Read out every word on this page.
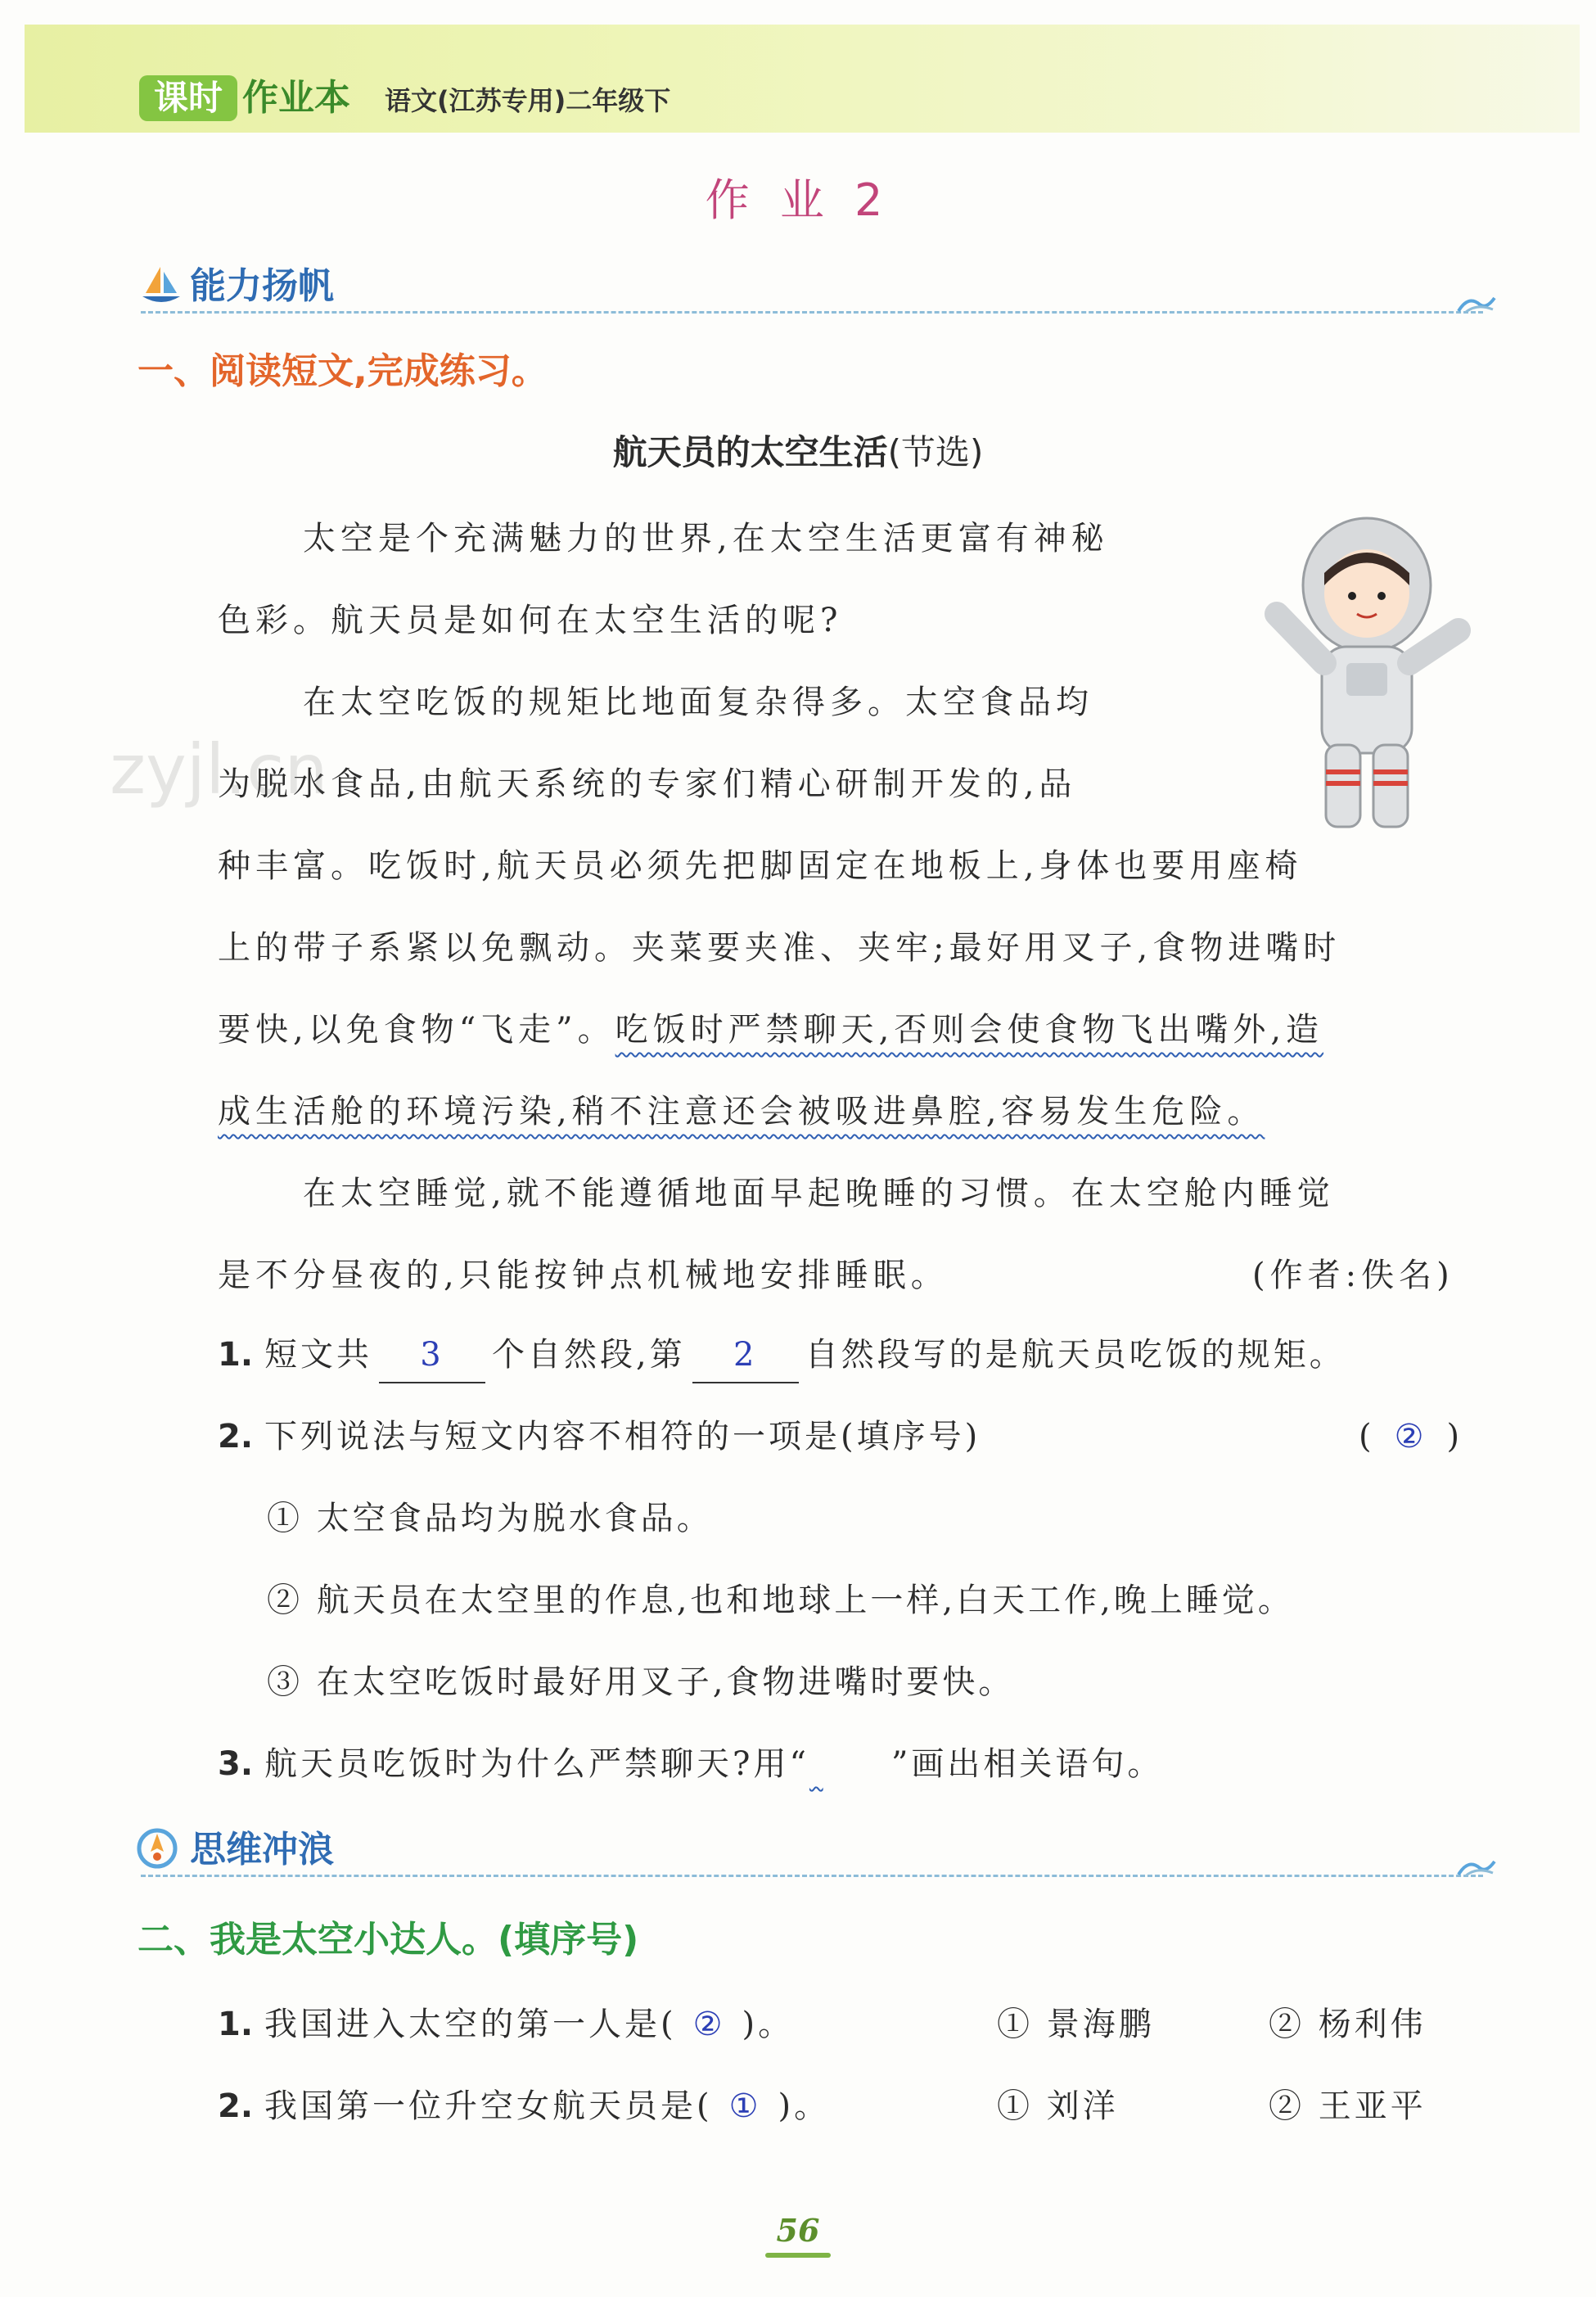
课时 作业本 语文(江苏专用)二年级下
作 业 2
能力扬帆
一、阅读短文,完成练习。
航天员的太空生活(节选)
太空是个充满魅力的世界,在太空生活更富有神秘
色彩。航天员是如何在太空生活的呢?
在太空吃饭的规矩比地面复杂得多。太空食品均
为脱水食品,由航天系统的专家们精心研制开发的,品
种丰富。吃饭时,航天员必须先把脚固定在地板上,身体也要用座椅
上的带子系紧以免飘动。夹菜要夹准、夹牢;最好用叉子,食物进嘴时
要快,以免食物“飞走”。吃饭时严禁聊天,否则会使食物飞出嘴外,造
成生活舱的环境污染,稍不注意还会被吸进鼻腔,容易发生危险。
在太空睡觉,就不能遵循地面早起晚睡的习惯。在太空舱内睡觉
是不分昼夜的,只能按钟点机械地安排睡眠。	(作者:佚名)
zyjl.cn
1. 短文共 3 个自然段,第 2 自然段写的是航天员吃饭的规矩。
2. 下列说法与短文内容不相符的一项是(填序号)	( ② )
① 太空食品均为脱水食品。
② 航天员在太空里的作息,也和地球上一样,白天工作,晚上睡觉。
③ 在太空吃饭时最好用叉子,食物进嘴时要快。
3. 航天员吃饭时为什么严禁聊天?用“	”画出相关语句。
思维冲浪
二、我是太空小达人。(填序号)
1. 我国进入太空的第一人是( ② )。	① 景海鹏	② 杨利伟
2. 我国第一位升空女航天员是( ① )。	① 刘洋	② 王亚平
56
